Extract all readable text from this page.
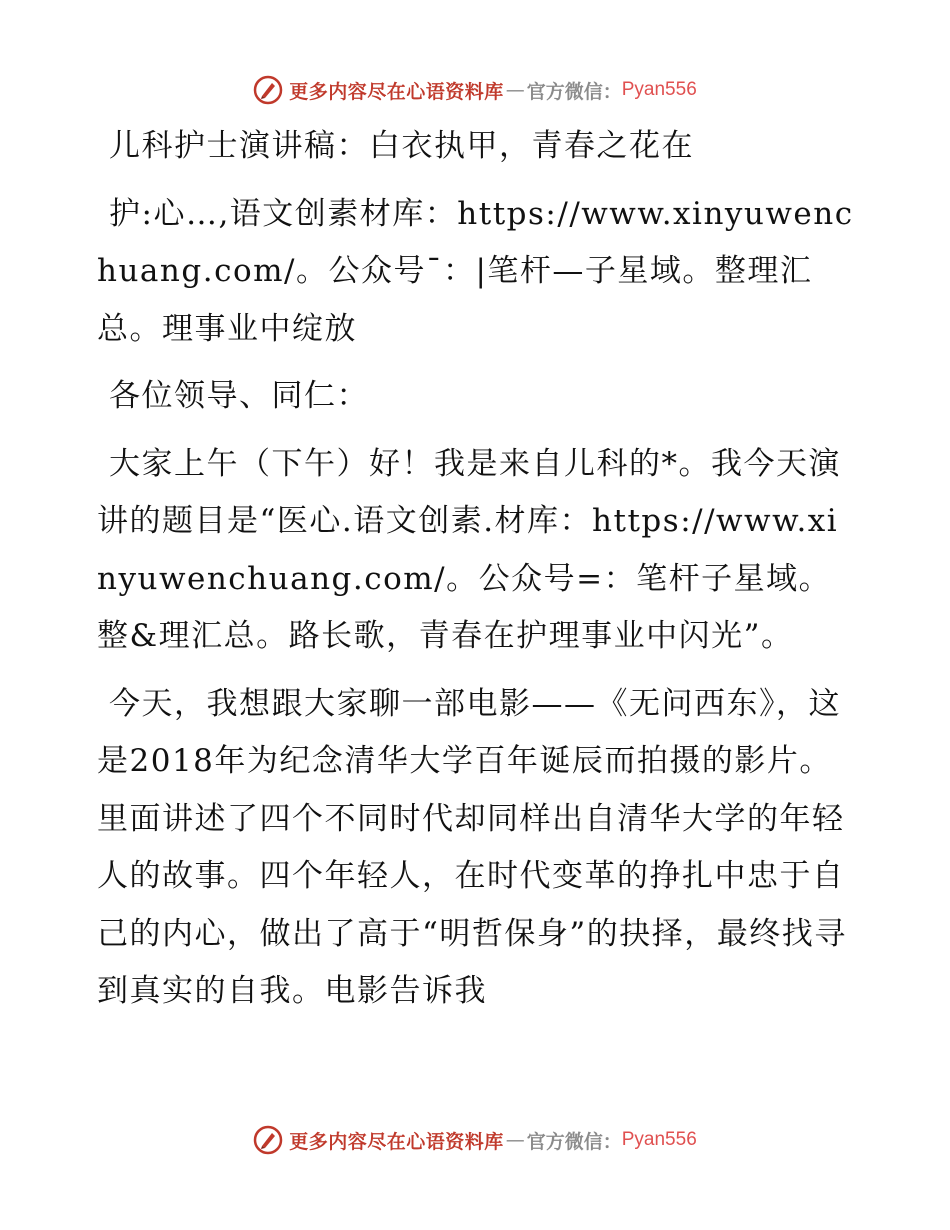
更多内容尽在心语资料库 — 官方微信： Pyan556

儿科护士演讲稿：白衣执甲，青春之花在

护:心…,语文创素材库：https://www.xinyuwenchuang.com/。公众号¯：|笔杆—子星域。整理汇总。理事业中绽放

各位领导、同仁：

大家上午（下午）好！我是来自儿科的*。我今天演讲的题目是“医心.语文创素.材库：https://www.xinyuwenchuang.com/。公众号=：笔杆子星域。整&理汇总。路长歌，青春在护理事业中闪光”。

今天，我想跟大家聊一部电影——《无问西东》，这是2018年为纪念清华大学百年诞辰而拍摄的影片。里面讲述了四个不同时代却同样出自清华大学的年轻人的故事。四个年轻人，在时代变革的挣扎中忠于自己的内心，做出了高于“明哲保身”的抉择，最终找寻到真实的自我。电影告诉我

更多内容尽在心语资料库 — 官方微信： Pyan556
